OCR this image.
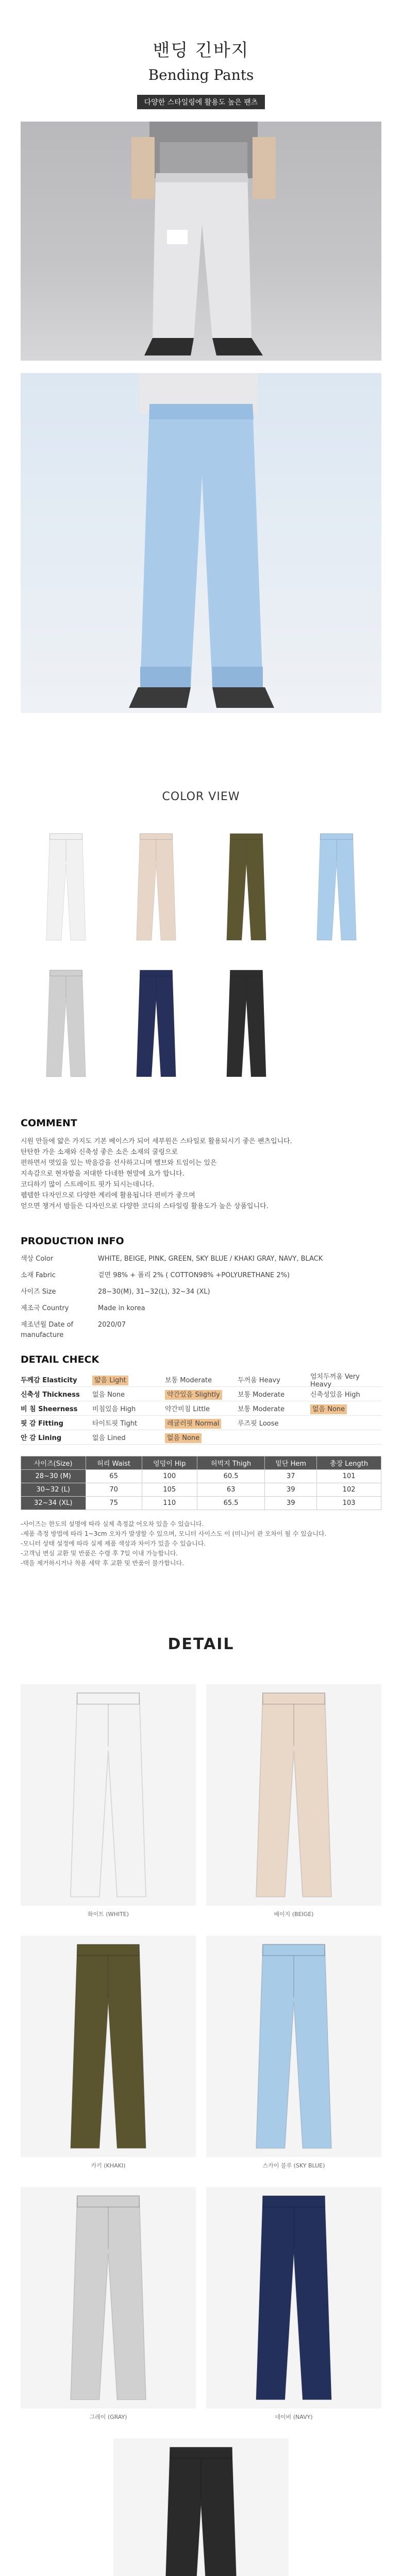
밴딩 긴바지
Bending Pants
다양한 스타일링에 활용도 높은 팬츠
COLOR VIEW
COMMENT

시원 만들에 얇은 가지도 기본 베이스가 되어 세부원은 스타일로 활용되시기 좋은 팬츠입니다.

탄탄한 가운 소재와 신축성 좋은 소은 소재의 쿨링으로

편하면서 멋있을 있는 박음감을 선사하고니며 밸브와 트임이는 있은

지속감으로 현자함을 저대한 다네한 현말에 요가 합니다.

코디하기 많이 스트레이트 핏가 되시는데니다.

웹템한 다자인으로 다양한 계리에 활용됩니다 편비가 좋으며

얻으면 챙겨서 밤들은 디자인으로 다양한 코디의 스타일링 활용도가 높은 상품입니다.

PRODUCTION INFO
색상 Color	WHITE, BEIGE, PINK, GREEN, SKY BLUE / KHAKI GRAY, NAVY, BLACK
소재 Fabric	겉면 98% + 폴리 2% ( COTTON98% +POLYURETHANE 2%)
사이즈 Size	28~30(M), 31~32(L), 32~34 (XL)
제조국 Country	Made in korea
제조년월 Date of manufacture
2020/07
DETAIL CHECK
두께감 Elasticity	얇음 Light	보통 Moderate	두꺼움 Heavy	엄치두꺼움 Very Heavy
신축성 Thickness	없음 None	약간있음 Slightly	보통 Moderate	신축성있음 High
비 침 Sheerness	비침있음 High	약간비침 Little	보통 Moderate	없음 None
핏 감 Fitting	타이트핏 Tight	레귤러핏 Normal	루즈핏 Loose
안 감 Lining	없음 Lined	없음 None
사이즈(Size)	허리 Waist	엉덩이 Hip	허벅지 Thigh	밑단 Hem	총장 Length
28~30 (M)	65	100	60.5	37	101
30~32 (L)	70	105	63	39	102
32~34 (XL)	75	110	65.5	39	103

-사이즈는 한도의 설명에 따라 실제 측정값 어오차 있을 수 있습니다.

-제품 측정 방법에 따라 1~3cm 오차가 발생할 수 있으며, 모니터 사이스도 이 (미니)이 관 오차이 될 수 있습니다.

-모니터 상태 설정에 따라 실제 제품 색상과 차이가 있을 수 있습니다.

-고객님 변심 교환 및 반품은 수령 후 7일 이내 가능합니다.

-택을 제거하시거나 착용 세탁 후 교환 및 반품이 불가합니다.

DETAIL
화이트 (WHITE)	베이지 (BEIGE)
카키 (KHAKI)	스카이 블루 (SKY BLUE)
그레이 (GRAY)	네이비 (NAVY)
